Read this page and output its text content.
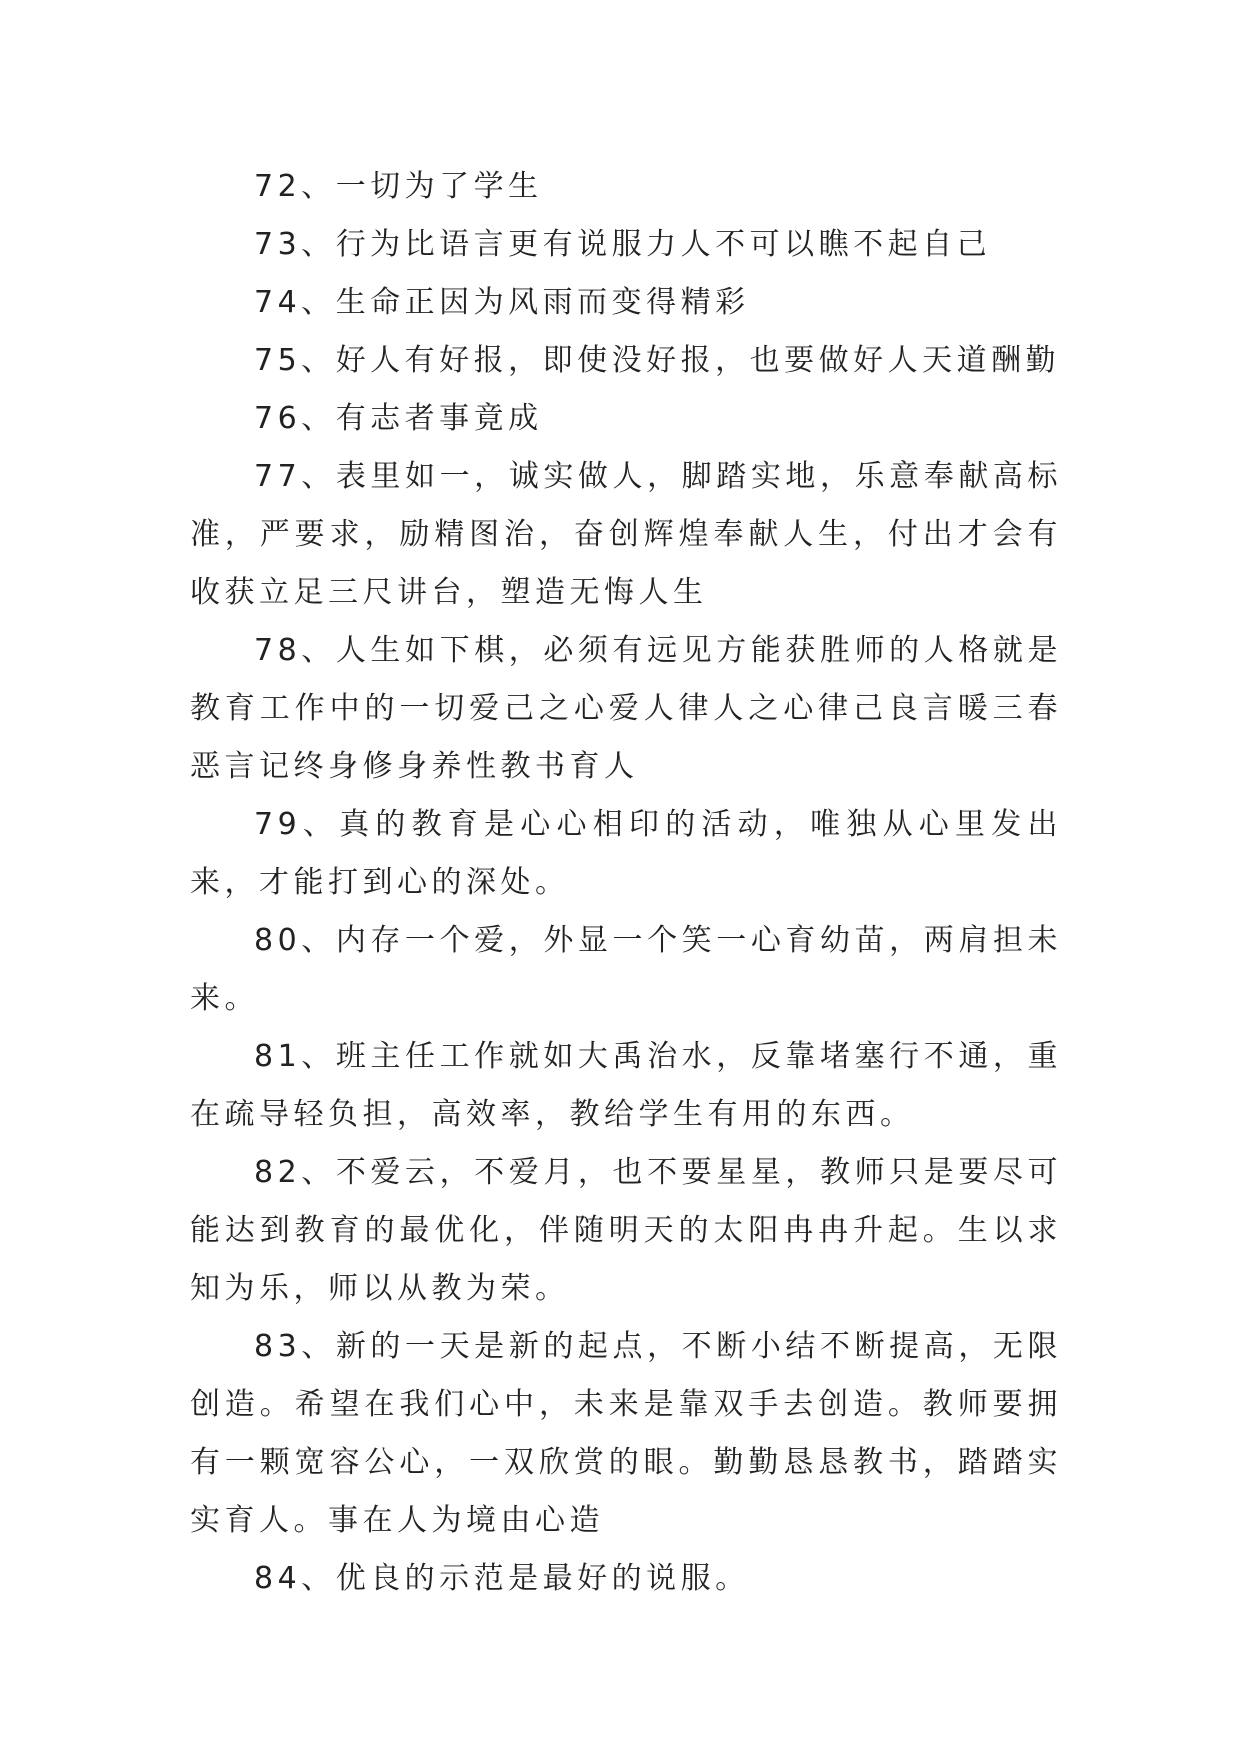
72、一切为了学生

73、行为比语言更有说服力人不可以瞧不起自己

74、生命正因为风雨而变得精彩

75、好人有好报，即使没好报，也要做好人天道酬勤

76、有志者事竟成

77、表里如一，诚实做人，脚踏实地，乐意奉献高标准，严要求，励精图治，奋创辉煌奉献人生，付出才会有收获立足三尺讲台，塑造无悔人生

78、人生如下棋，必须有远见方能获胜师的人格就是教育工作中的一切爱己之心爱人律人之心律己良言暖三春恶言记终身修身养性教书育人

79、真的教育是心心相印的活动，唯独从心里发出来，才能打到心的深处。

80、内存一个爱，外显一个笑一心育幼苗，两肩担未来。

81、班主任工作就如大禹治水，反靠堵塞行不通，重在疏导轻负担，高效率，教给学生有用的东西。

82、不爱云，不爱月，也不要星星，教师只是要尽可能达到教育的最优化，伴随明天的太阳冉冉升起。生以求知为乐，师以从教为荣。

83、新的一天是新的起点，不断小结不断提高，无限创造。希望在我们心中，未来是靠双手去创造。教师要拥有一颗宽容公心，一双欣赏的眼。勤勤恳恳教书，踏踏实实育人。事在人为境由心造

84、优良的示范是最好的说服。
